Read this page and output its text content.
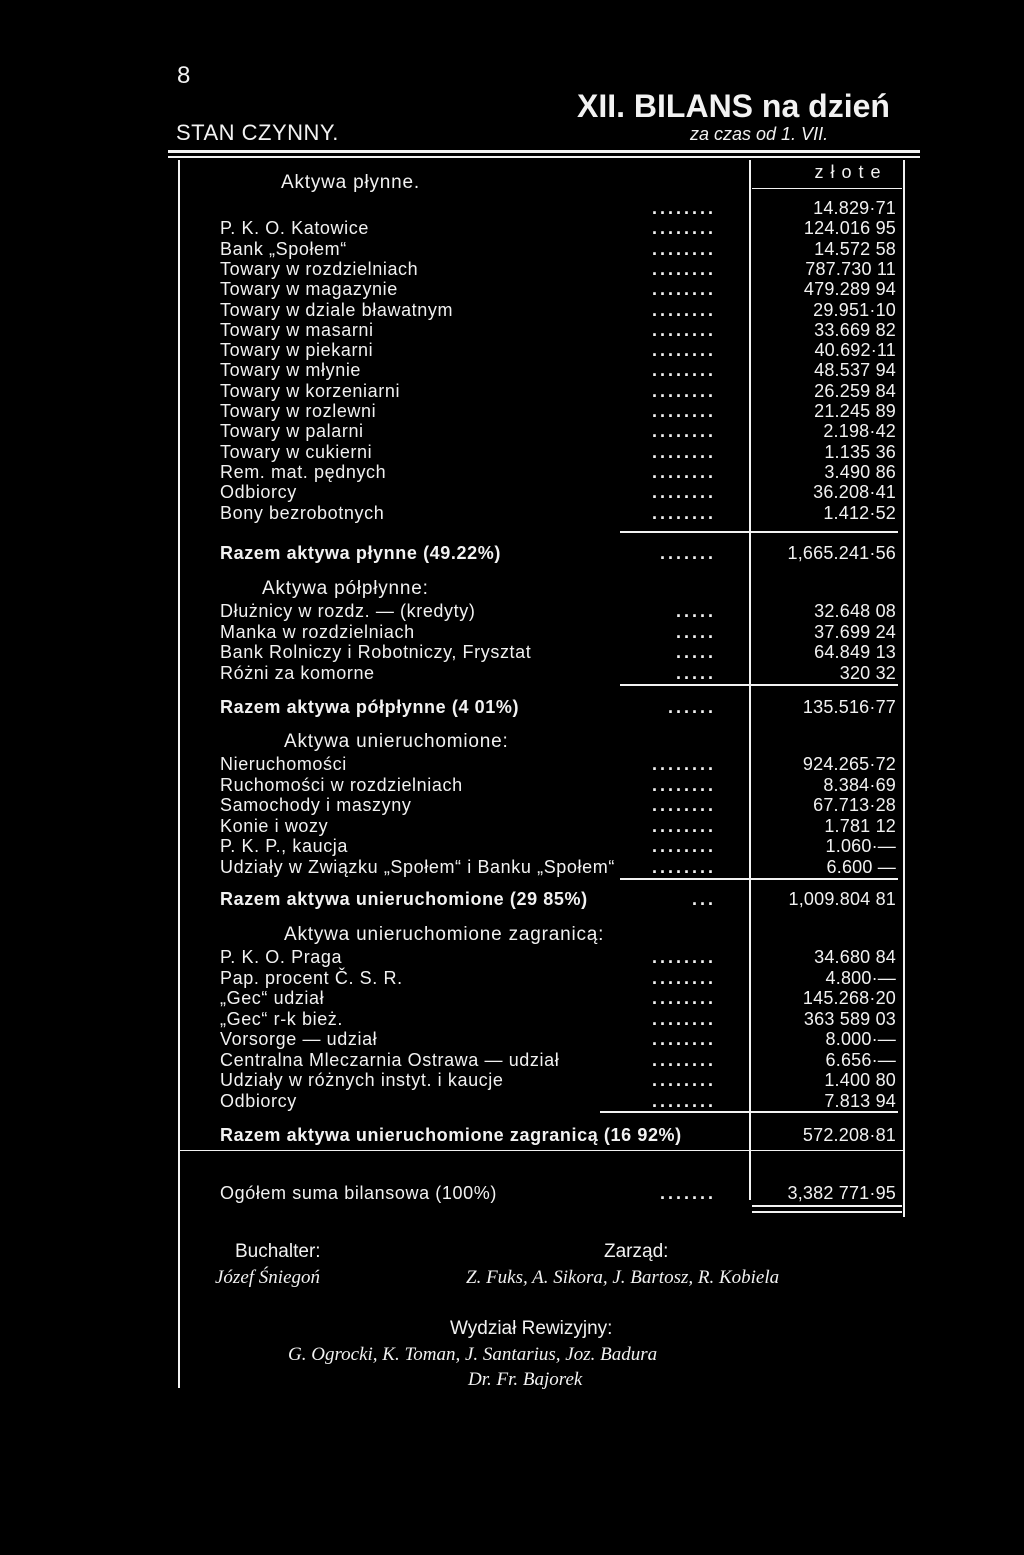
8
STAN CZYNNY.
XII. BILANS na dzień
za czas od 1. VII.
złote
Aktywa płynne.
........	14.829·71
P. K. O. Katowice	........	124.016 95
Bank „Społem“	........	14.572 58
Towary w rozdzielniach	........	787.730 11
Towary w magazynie	........	479.289 94
Towary w dziale bławatnym	........	29.951·10
Towary w masarni	........	33.669 82
Towary w piekarni	........	40.692·11
Towary w młynie	........	48.537 94
Towary w korzeniarni	........	26.259 84
Towary w rozlewni	........	21.245 89
Towary w palarni	........	2.198·42
Towary w cukierni	........	1.135 36
Rem. mat. pędnych	........	3.490 86
Odbiorcy	........	36.208·41
Bony bezrobotnych	........	1.412·52
Razem aktywa płynne (49.22%)	.......	1,665.241·56
Aktywa półpłynne:
Dłużnicy w rozdz. — (kredyty)	.....	32.648 08
Manka w rozdzielniach	.....	37.699 24
Bank Rolniczy i Robotniczy, Frysztat	.....	64.849 13
Różni za komorne	.....	320 32
Razem aktywa półpłynne (4 01%)	......	135.516·77
Aktywa unieruchomione:
Nieruchomości	........	924.265·72
Ruchomości w rozdzielniach	........	8.384·69
Samochody i maszyny	........	67.713·28
Konie i wozy	........	1.781 12
P. K. P., kaucja	........	1.060·—
Udziały w Związku „Społem“ i Banku „Społem“ ........	6.600 —
Razem aktywa unieruchomione (29 85%)	...	1,009.804 81
Aktywa unieruchomione zagranicą:
P. K. O. Praga	........	34.680 84
Pap. procent Č. S. R.	........	4.800·—
„Gec“ udział	........	145.268·20
„Gec“ r-k bież.	........	363 589 03
Vorsorge — udział	........	8.000·—
Centralna Mleczarnia Ostrawa — udział	........	6.656·—
Udziały w różnych instyt. i kaucje	........	1.400 80
Odbiorcy	........	7.813 94
Razem aktywa unieruchomione zagranicą (16 92%)	572.208·81
Ogółem suma bilansowa (100%)	.......	3,382 771·95
Buchalter:
Józef Śniegoń
Zarząd:
Z. Fuks, A. Sikora, J. Bartosz, R. Kobiela
Wydział Rewizyjny:
G. Ogrocki, K. Toman, J. Santarius, Joz. Badura
Dr. Fr. Bajorek
